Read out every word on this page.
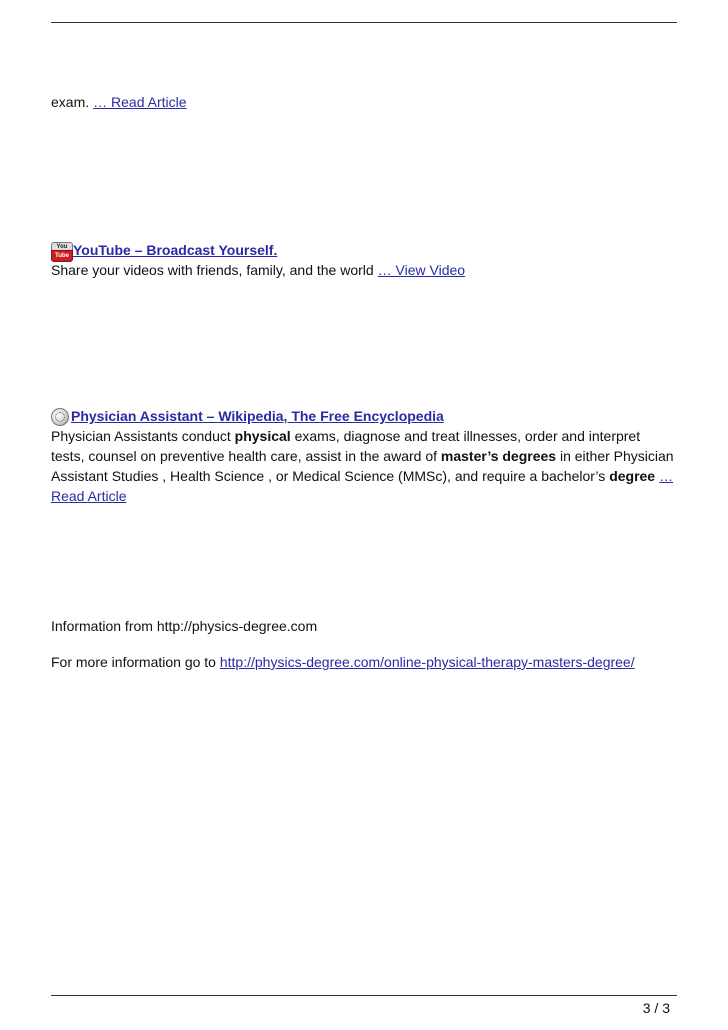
exam. … Read Article
You
Tube YouTube – Broadcast Yourself.
Share your videos with friends, family, and the world … View Video
Physician Assistant – Wikipedia, The Free Encyclopedia
Physician Assistants conduct physical exams, diagnose and treat illnesses, order and interpret tests, counsel on preventive health care, assist in the award of master’s degrees in either Physician Assistant Studies , Health Science , or Medical Science (MMSc), and require a bachelor’s degree … Read Article
Information from http://physics-degree.com
For more information go to http://physics-degree.com/online-physical-therapy-masters-degree/
3 / 3
